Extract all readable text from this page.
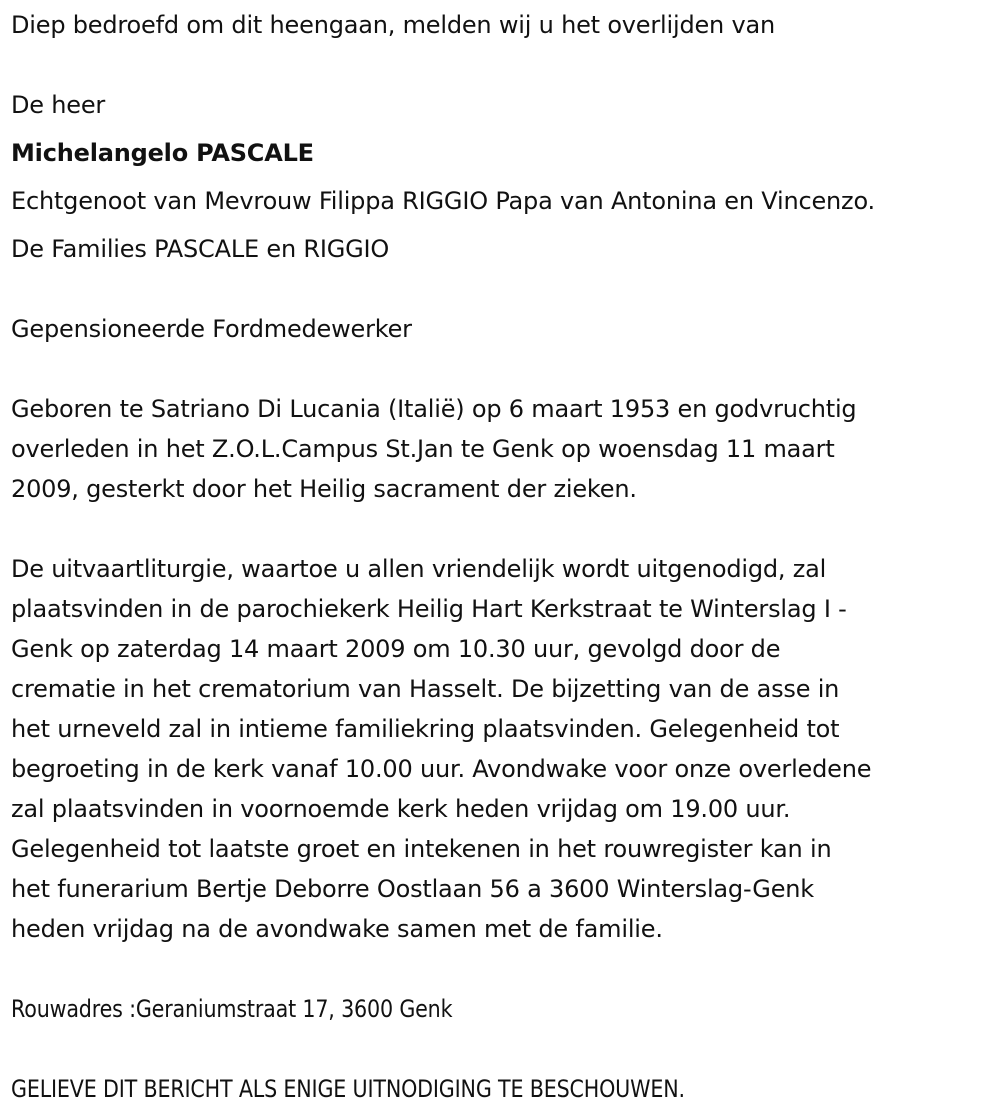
Diep bedroefd om dit heengaan, melden wij u het overlijden van
De heer
Michelangelo PASCALE
Echtgenoot van Mevrouw Filippa RIGGIO Papa van Antonina en Vincenzo.
De Families PASCALE en RIGGIO
Gepensioneerde Fordmedewerker
Geboren te Satriano Di Lucania (Italië) op 6 maart 1953 en godvruchtig
overleden in het Z.O.L.Campus St.Jan te Genk op woensdag 11 maart
2009, gesterkt door het Heilig sacrament der zieken.
De uitvaartliturgie, waartoe u allen vriendelijk wordt uitgenodigd, zal
plaatsvinden in de parochiekerk Heilig Hart Kerkstraat te Winterslag I -
Genk op zaterdag 14 maart 2009 om 10.30 uur, gevolgd door de
crematie in het crematorium van Hasselt. De bijzetting van de asse in
het urneveld zal in intieme familiekring plaatsvinden. Gelegenheid tot
begroeting in de kerk vanaf 10.00 uur. Avondwake voor onze overledene
zal plaatsvinden in voornoemde kerk heden vrijdag om 19.00 uur.
Gelegenheid tot laatste groet en intekenen in het rouwregister kan in
het funerarium Bertje Deborre Oostlaan 56 a 3600 Winterslag-Genk
heden vrijdag na de avondwake samen met de familie.
Rouwadres :Geraniumstraat 17, 3600 Genk
GELIEVE DIT BERICHT ALS ENIGE UITNODIGING TE BESCHOUWEN.
